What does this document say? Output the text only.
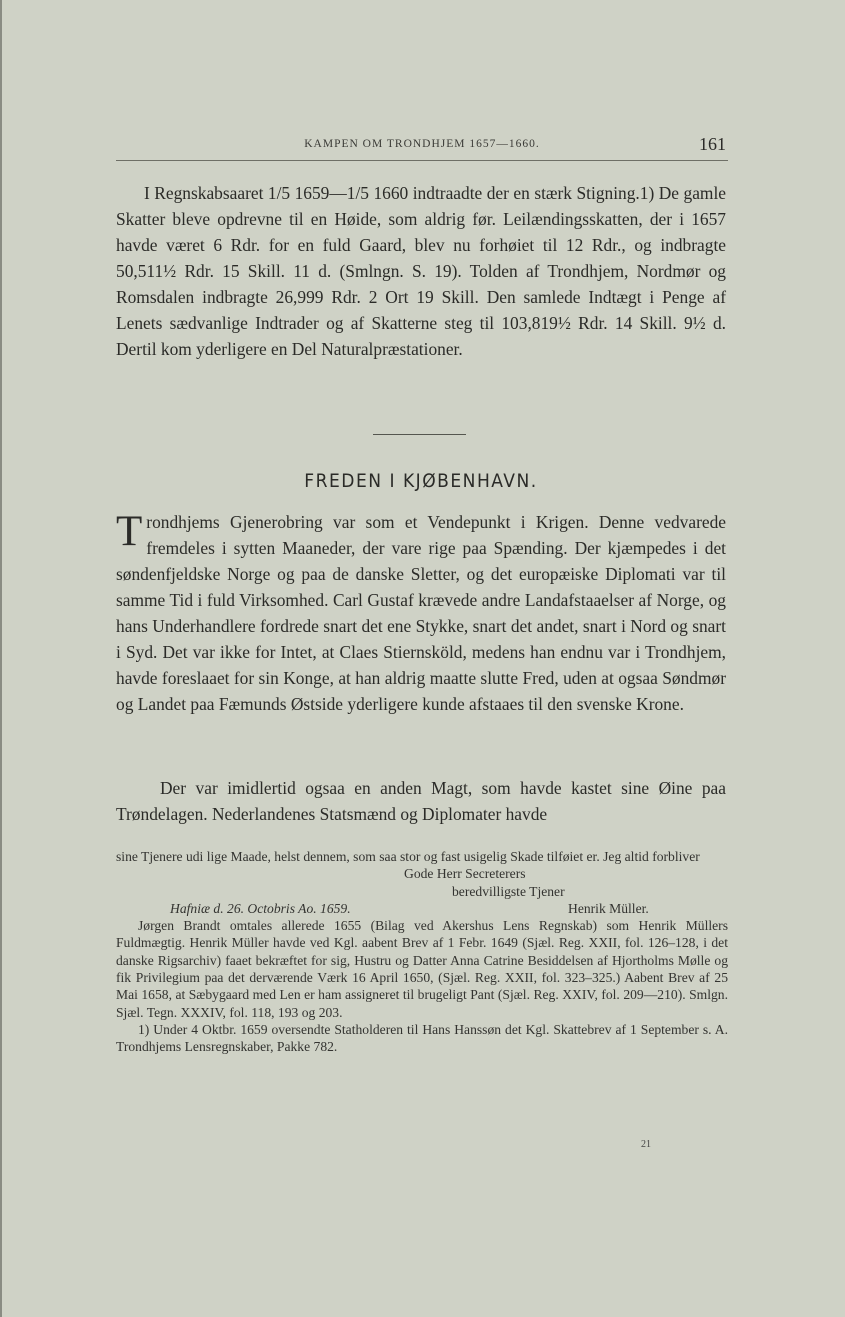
KAMPEN OM TRONDHJEM 1657—1660.	161
I Regnskabsaaret 1/5 1659—1/5 1660 indtraadte der en stærk Stigning.1) De gamle Skatter bleve opdrevne til en Høide, som aldrig før. Leilændingsskatten, der i 1657 havde været 6 Rdr. for en fuld Gaard, blev nu forhøiet til 12 Rdr., og indbragte 50,511½ Rdr. 15 Skill. 11 d. (Smlngn. S. 19). Tolden af Trondhjem, Nordmør og Romsdalen indbragte 26,999 Rdr. 2 Ort 19 Skill. Den samlede Indtægt i Penge af Lenets sædvanlige Indtrader og af Skatterne steg til 103,819½ Rdr. 14 Skill. 9½ d. Dertil kom yderligere en Del Naturalpræstationer.
FREDEN I KJØBENHAVN.
Trondhjems Gjenerobring var som et Vendepunkt i Krigen. Denne vedvarede fremdeles i sytten Maaneder, der vare rige paa Spænding. Der kjæmpedes i det søndenfjeldske Norge og paa de danske Sletter, og det europæiske Diplomati var til samme Tid i fuld Virksomhed. Carl Gustaf krævede andre Landafstaaelser af Norge, og hans Underhandlere fordrede snart det ene Stykke, snart det andet, snart i Nord og snart i Syd. Det var ikke for Intet, at Claes Stiernsköld, medens han endnu var i Trondhjem, havde foreslaaet for sin Konge, at han aldrig maatte slutte Fred, uden at ogsaa Søndmør og Landet paa Fæmunds Østside yderligere kunde afstaaes til den svenske Krone.
Der var imidlertid ogsaa en anden Magt, som havde kastet sine Øine paa Trøndelagen. Nederlandenes Statsmænd og Diplomater havde

sine Tjenere udi lige Maade, helst dennem, som saa stor og fast usigelig Skade tilføiet er. Jeg altid forbliver

Gode Herr Secreterers
beredvilligste Tjener
Hafniæ d. 26. Octobris Ao. 1659.	Henrik Müller.

Jørgen Brandt omtales allerede 1655 (Bilag ved Akershus Lens Regnskab) som Henrik Müllers Fuldmægtig. Henrik Müller havde ved Kgl. aabent Brev af 1 Febr. 1649 (Sjæl. Reg. XXII, fol. 126–128, i det danske Rigsarchiv) faaet bekræftet for sig, Hustru og Datter Anna Catrine Besiddelsen af Hjortholms Mølle og fik Privilegium paa det derværende Værk 16 April 1650, (Sjæl. Reg. XXII, fol. 323–325.) Aabent Brev af 25 Mai 1658, at Sæbygaard med Len er ham assigneret til brugeligt Pant (Sjæl. Reg. XXIV, fol. 209—210). Smlgn. Sjæl. Tegn. XXXIV, fol. 118, 193 og 203.

1) Under 4 Oktbr. 1659 oversendte Statholderen til Hans Hanssøn det Kgl. Skattebrev af 1 September s. A. Trondhjems Lensregnskaber, Pakke 782.

21
